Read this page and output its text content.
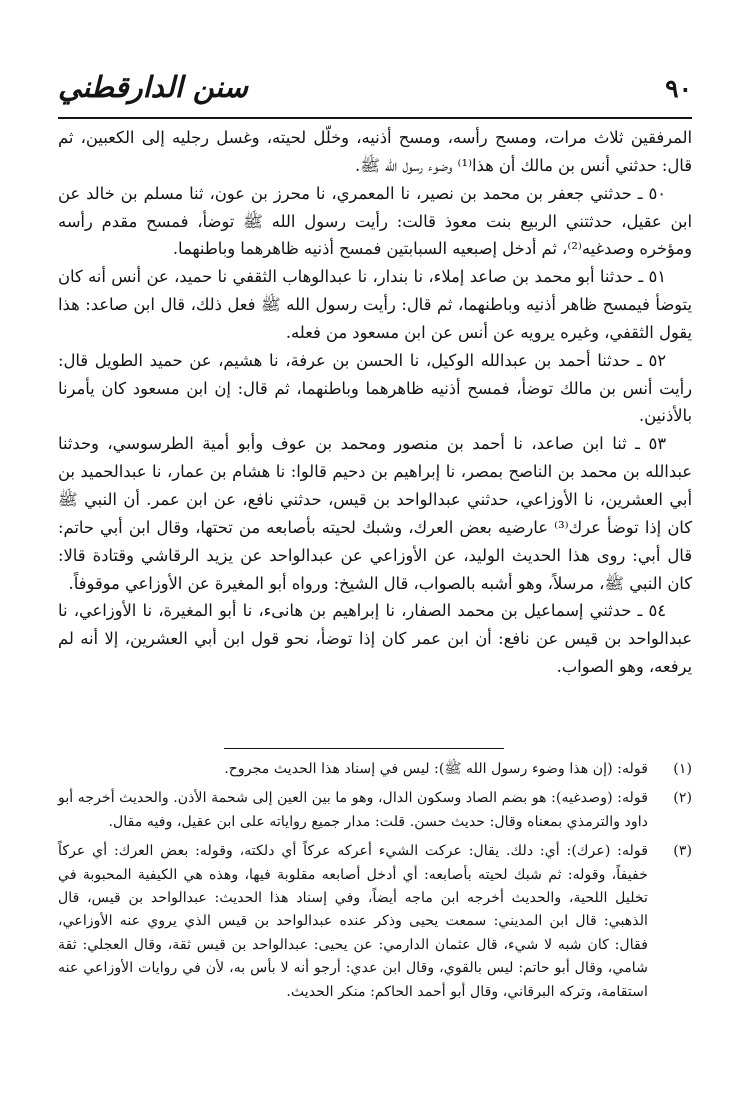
٩٠
سنن الدارقطني

المرفقين ثلاث مرات، ومسح رأسه، ومسح أذنيه، وخلّل لحيته، وغسل رجليه إلى الكعبين، ثم قال: حدثني أنس بن مالك أن هذا⁽¹⁾ وضوء رسول الله ﷺ.

٥٠ ـ حدثني جعفر بن محمد بن نصير، نا المعمري، نا محرز بن عون، ثنا مسلم بن خالد عن ابن عقيل، حدثتني الربيع بنت معوذ قالت: رأيت رسول الله ﷺ توضأ، فمسح مقدم رأسه ومؤخره وصدغيه⁽²⁾، ثم أدخل إصبعيه السبابتين فمسح أذنيه ظاهرهما وباطنهما.

٥١ ـ حدثنا أبو محمد بن صاعد إملاء، نا بندار، نا عبدالوهاب الثقفي نا حميد، عن أنس أنه كان يتوضأ فيمسح ظاهر أذنيه وباطنهما، ثم قال: رأيت رسول الله ﷺ فعل ذلك، قال ابن صاعد: هذا يقول الثقفي، وغيره يرويه عن أنس عن ابن مسعود من فعله.

٥٢ ـ حدثنا أحمد بن عبدالله الوكيل، نا الحسن بن عرفة، نا هشيم، عن حميد الطويل قال: رأيت أنس بن مالك توضأ، فمسح أذنيه ظاهرهما وباطنهما، ثم قال: إن ابن مسعود كان يأمرنا بالأذنين.

٥٣ ـ ثنا ابن صاعد، نا أحمد بن منصور ومحمد بن عوف وأبو أمية الطرسوسي، وحدثنا عبدالله بن محمد بن الناصح بمصر، نا إبراهيم بن دحيم قالوا: نا هشام بن عمار، نا عبدالحميد بن أبي العشرين، نا الأوزاعي، حدثني عبدالواحد بن قيس، حدثني نافع، عن ابن عمر. أن النبي ﷺ كان إذا توضأ عرك⁽³⁾ عارضيه بعض العرك، وشبك لحيته بأصابعه من تحتها، وقال ابن أبي حاتم: قال أبي: روى هذا الحديث الوليد، عن الأوزاعي عن عبدالواحد عن يزيد الرقاشي وقتادة قالا: كان النبي ﷺ، مرسلاً، وهو أشبه بالصواب، قال الشيخ: ورواه أبو المغيرة عن الأوزاعي موقوفاً.

٥٤ ـ حدثني إسماعيل بن محمد الصفار، نا إبراهيم بن هانىء، نا أبو المغيرة، نا الأوزاعي، نا عبدالواحد بن قيس عن نافع: أن ابن عمر كان إذا توضأ، نحو قول ابن أبي العشرين، إلا أنه لم يرفعه، وهو الصواب.

(١)
قوله: (إن هذا وضوء رسول الله ﷺ): ليس في إسناد هذا الحديث مجروح.
(٢)
قوله: (وصدغيه): هو بضم الصاد وسكون الدال، وهو ما بين العين إلى شحمة الأذن. والحديث أخرجه أبو داود والترمذي بمعناه وقال: حديث حسن. قلت: مدار جميع رواياته على ابن عقيل، وفيه مقال.
(٣)
قوله: (عرك): أي: دلك. يقال: عركت الشيء أعركه عركاً أي دلكته، وقوله: بعض العرك: أي عركاً خفيفاً، وقوله: ثم شبك لحيته بأصابعه: أي أدخل أصابعه مقلوبة فيها، وهذه هي الكيفية المحبوبة في تخليل اللحية، والحديث أخرجه ابن ماجه أيضاً، وفي إسناد هذا الحديث: عبدالواحد بن قيس، قال الذهبي: قال ابن المديني: سمعت يحيى وذكر عنده عبدالواحد بن قيس الذي يروي عنه الأوزاعي، فقال: كان شبه لا شيء، قال عثمان الدارمي: عن يحيى: عبدالواحد بن قيس ثقة، وقال العجلي: ثقة شامي، وقال أبو حاتم: ليس بالقوي، وقال ابن عدي: أرجو أنه لا بأس به، لأن في روايات الأوزاعي عنه استقامة، وتركه البرقاني، وقال أبو أحمد الحاكم: منكر الحديث.
